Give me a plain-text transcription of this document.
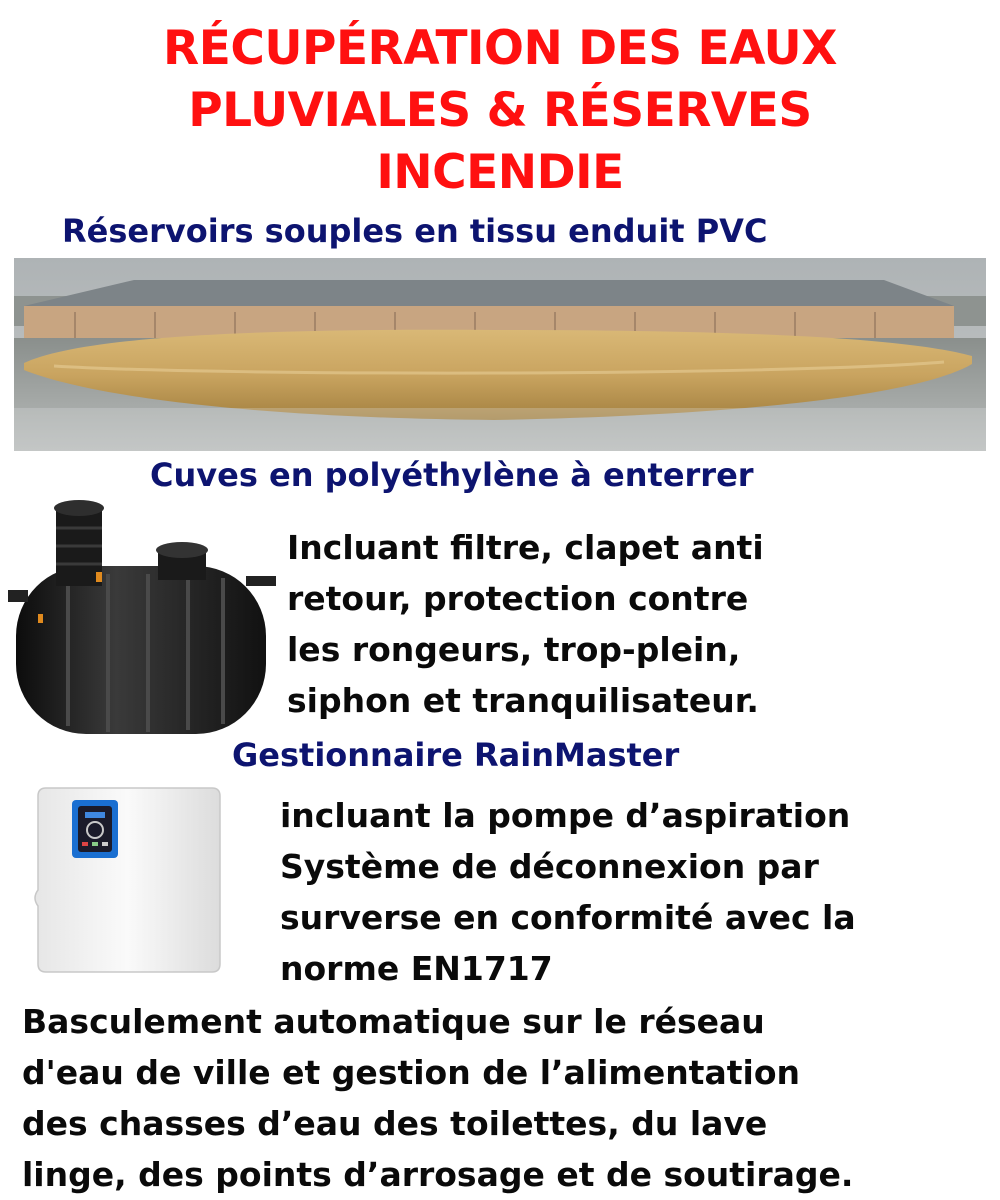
RÉCUPÉRATION DES EAUX
PLUVIALES & RÉSERVES
INCENDIE
Réservoirs souples en tissu enduit PVC
Cuves en polyéthylène à enterrer
Incluant filtre, clapet anti
retour, protection contre
les rongeurs, trop-plein,
siphon et tranquilisateur.
Gestionnaire RainMaster
incluant la pompe d’aspiration
Système de déconnexion par
surverse en conformité avec la
norme EN1717
Basculement automatique sur le réseau
d'eau de ville et gestion de l’alimentation
des chasses d’eau des toilettes, du lave
linge, des points d’arrosage et de soutirage.
